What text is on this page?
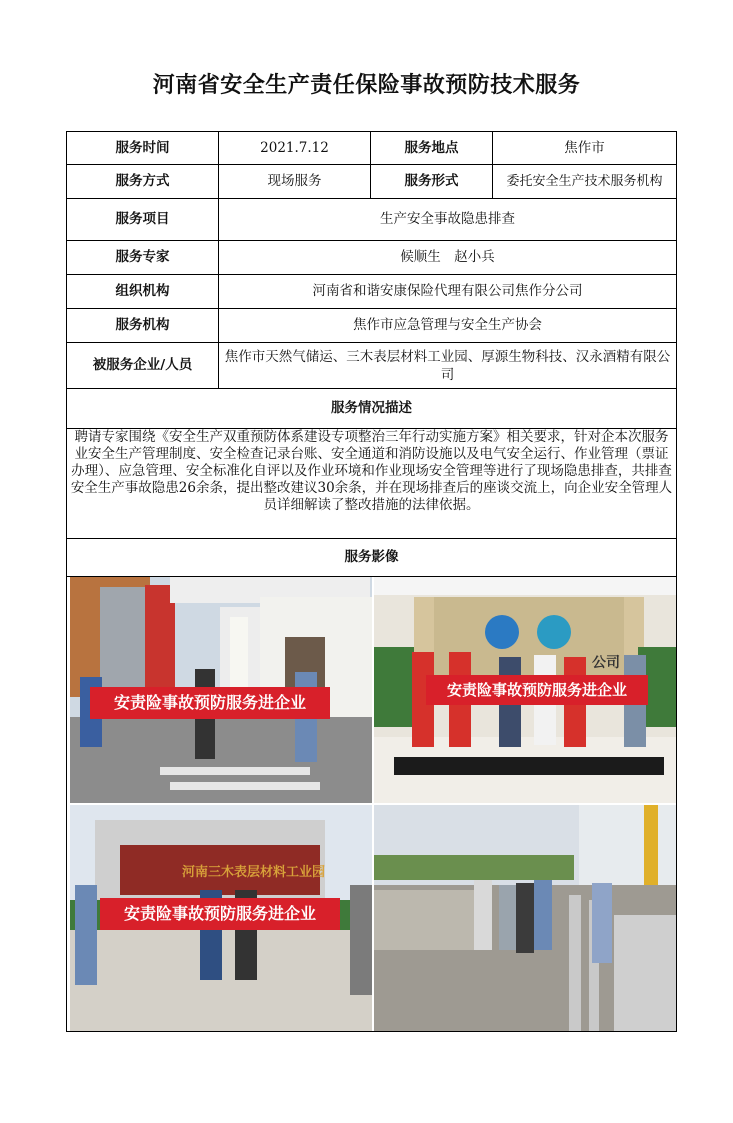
河南省安全生产责任保险事故预防技术服务
服务时间	2021.7.12	服务地点	焦作市
服务方式	现场服务	服务形式	委托安全生产技术服务机构
服务项目	生产安全事故隐患排查		
服务专家	候顺生　赵小兵		
组织机构	河南省和谐安康保险代理有限公司焦作分公司		
服务机构	焦作市应急管理与安全生产协会		
被服务企业/人员	焦作市天然气储运、三木表层材料工业园、厚源生物科技、汉永酒精有限公司		
服务情况描述			
聘请专家围绕《安全生产双重预防体系建设专项整治三年行动实施方案》相关要求，针对企本次服务业安全生产管理制度、安全检查记录台账、安全通道和消防设施以及电气安全运行、作业管理（票证办理）、应急管理、安全标准化自评以及作业环境和作业现场安全管理等进行了现场隐患排查，共排查安全生产事故隐患26余条，提出整改建议30余条，并在现场排查后的座谈交流上，向企业安全管理人员详细解读了整改措施的法律依据。			
服务影像			

安责险事故预防服务进企业
公司
安责险事故预防服务进企业
河南三木表层材料工业园
安责险事故预防服务进企业			
